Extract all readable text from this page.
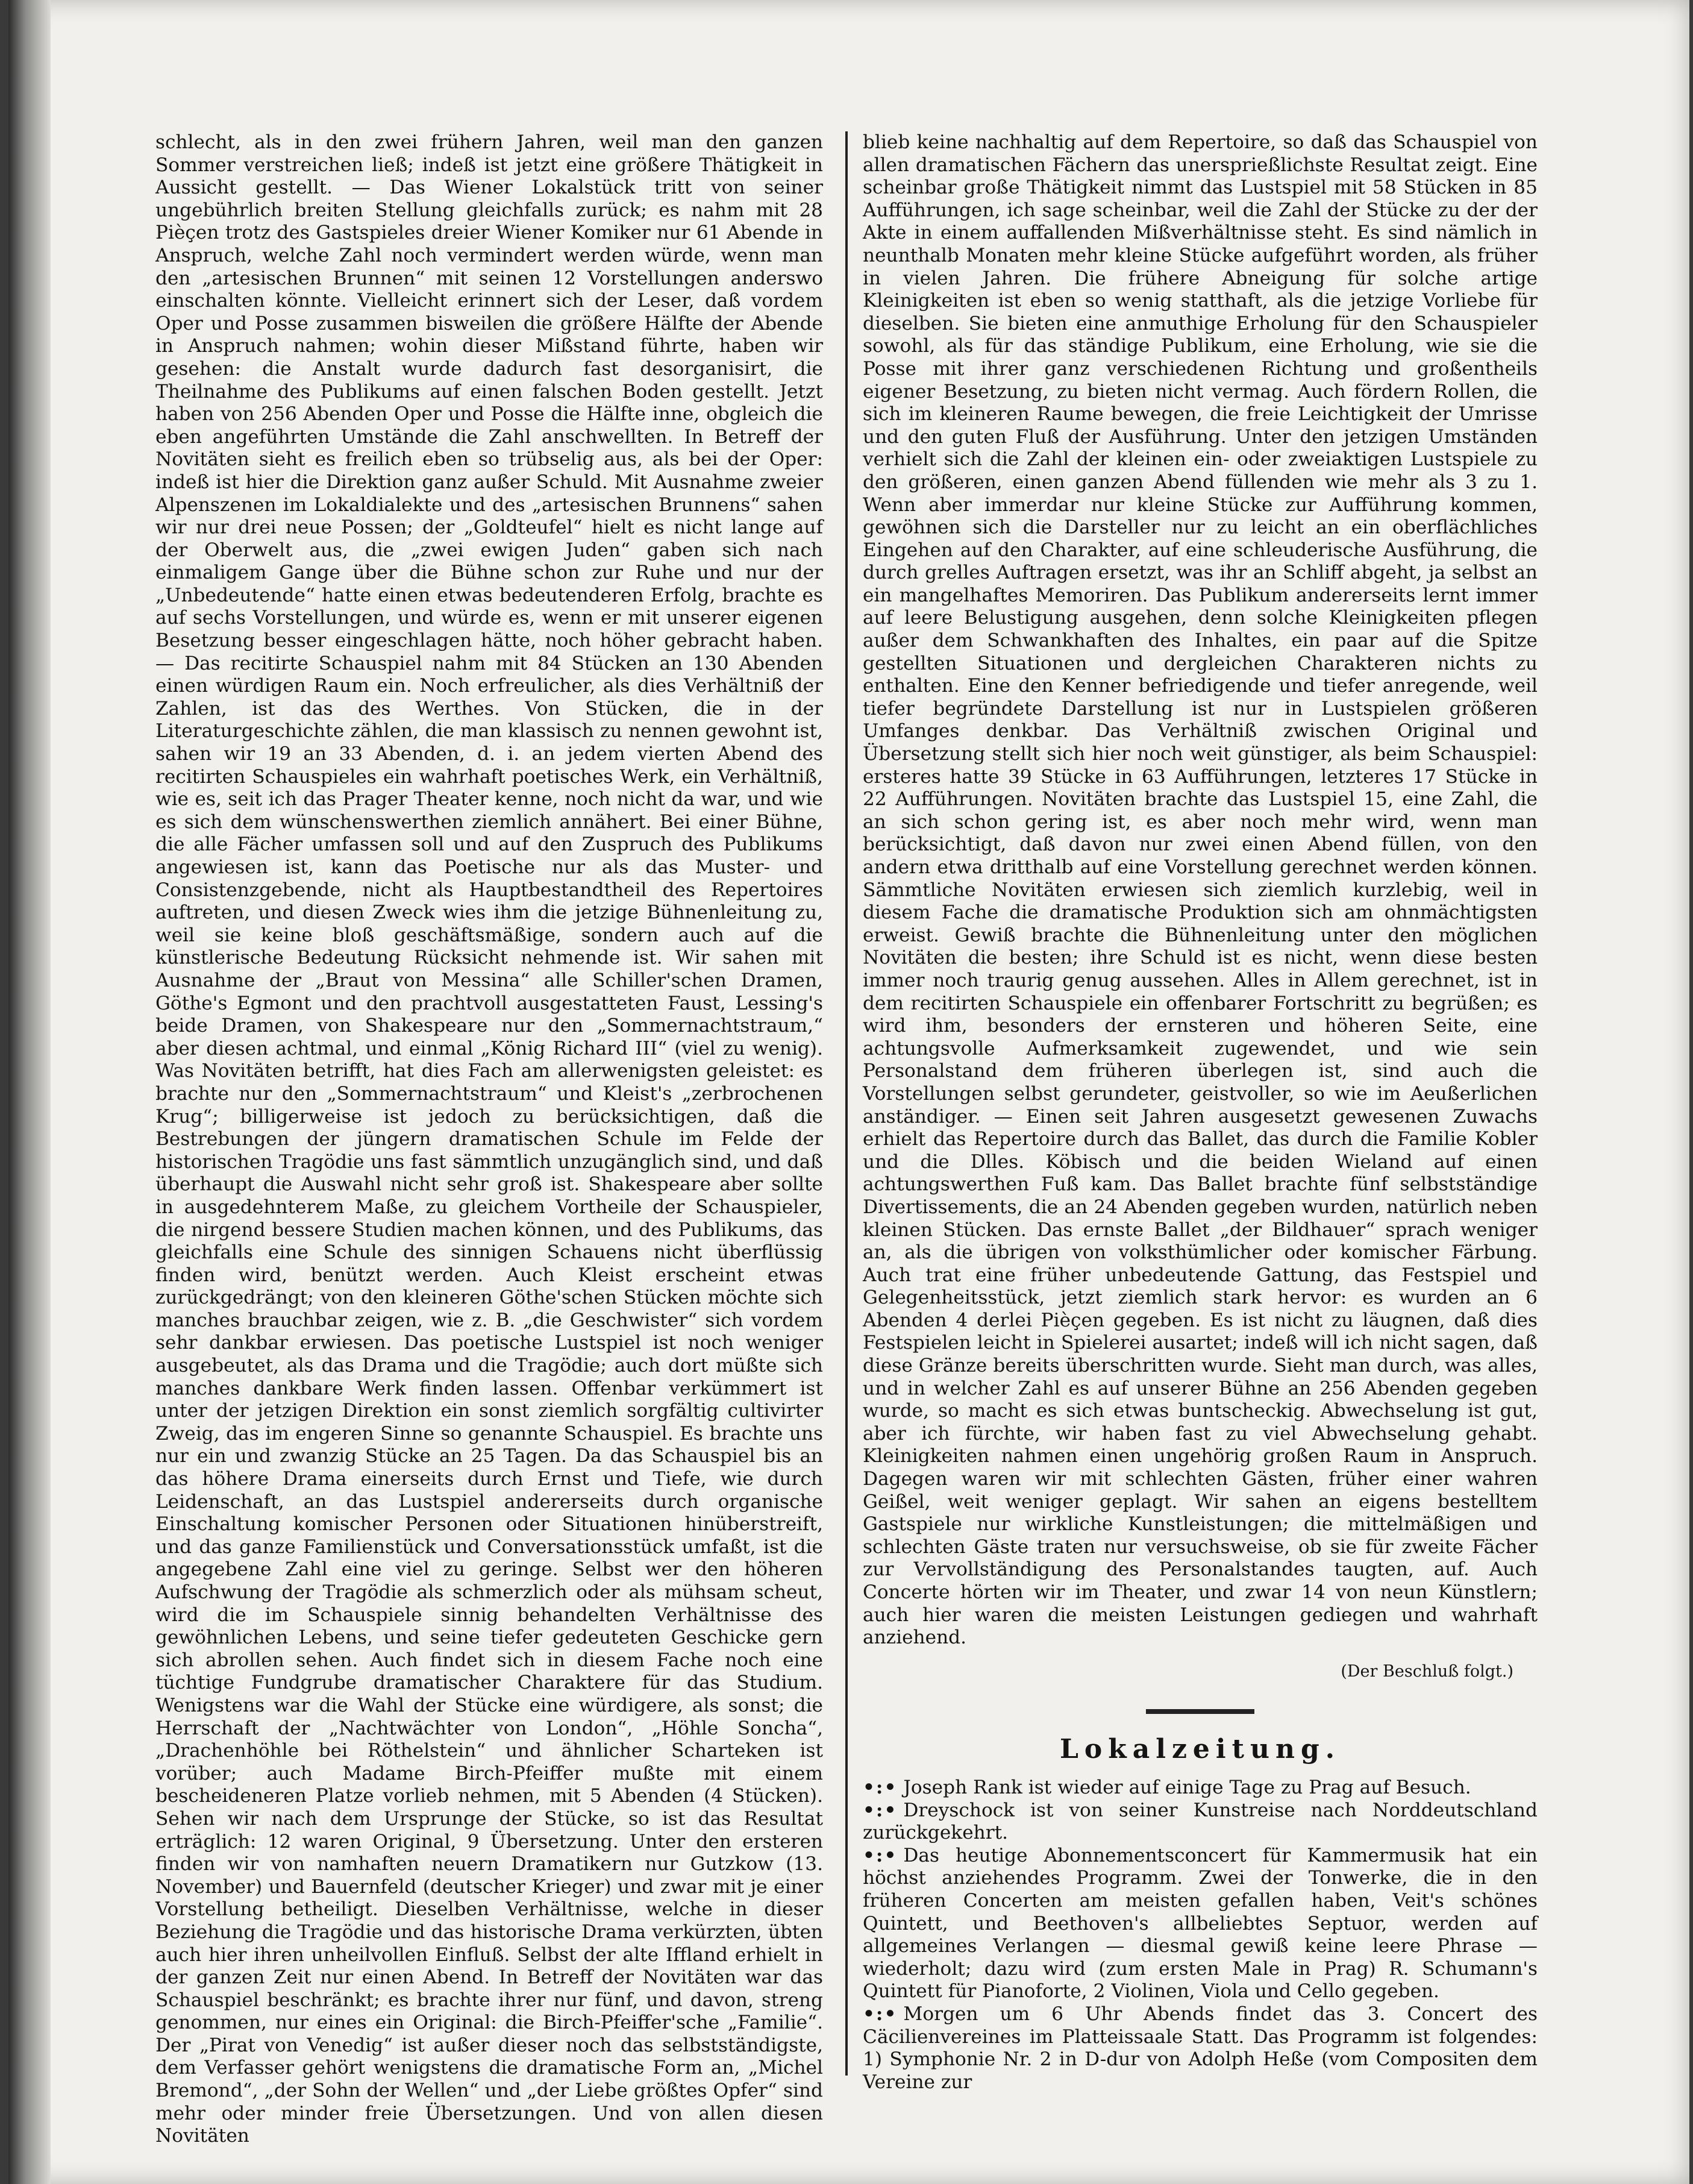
schlecht, als in den zwei frühern Jahren, weil man den ganzen Sommer verstreichen ließ; indeß ist jetzt eine größere Thätigkeit in Aussicht gestellt. — Das Wiener Lokalstück tritt von seiner ungebührlich breiten Stellung gleichfalls zurück; es nahm mit 28 Pièçen trotz des Gastspieles dreier Wiener Komiker nur 61 Abende in Anspruch, welche Zahl noch vermindert werden würde, wenn man den „artesischen Brunnen“ mit seinen 12 Vorstellungen anderswo einschalten könnte. Vielleicht erinnert sich der Leser, daß vordem Oper und Posse zusammen bisweilen die größere Hälfte der Abende in Anspruch nahmen; wohin dieser Mißstand führte, haben wir gesehen: die Anstalt wurde dadurch fast desorganisirt, die Theilnahme des Publikums auf einen falschen Boden gestellt. Jetzt haben von 256 Abenden Oper und Posse die Hälfte inne, obgleich die eben angeführten Umstände die Zahl anschwellten. In Betreff der Novitäten sieht es freilich eben so trübselig aus, als bei der Oper: indeß ist hier die Direktion ganz außer Schuld. Mit Ausnahme zweier Alpenszenen im Lokaldialekte und des „artesischen Brunnens“ sahen wir nur drei neue Possen; der „Goldteufel“ hielt es nicht lange auf der Oberwelt aus, die „zwei ewigen Juden“ gaben sich nach einmaligem Gange über die Bühne schon zur Ruhe und nur der „Unbedeutende“ hatte einen etwas bedeutenderen Erfolg, brachte es auf sechs Vorstellungen, und würde es, wenn er mit unserer eigenen Besetzung besser eingeschlagen hätte, noch höher gebracht haben. — Das recitirte Schauspiel nahm mit 84 Stücken an 130 Abenden einen würdigen Raum ein. Noch erfreulicher, als dies Verhältniß der Zahlen, ist das des Werthes. Von Stücken, die in der Literaturgeschichte zählen, die man klassisch zu nennen gewohnt ist, sahen wir 19 an 33 Abenden, d. i. an jedem vierten Abend des recitirten Schauspieles ein wahrhaft poetisches Werk, ein Verhältniß, wie es, seit ich das Prager Theater kenne, noch nicht da war, und wie es sich dem wünschenswerthen ziemlich annähert. Bei einer Bühne, die alle Fächer umfassen soll und auf den Zuspruch des Publikums angewiesen ist, kann das Poetische nur als das Muster- und Consistenzgebende, nicht als Hauptbestandtheil des Repertoires auftreten, und diesen Zweck wies ihm die jetzige Bühnenleitung zu, weil sie keine bloß geschäftsmäßige, sondern auch auf die künstlerische Bedeutung Rücksicht nehmende ist. Wir sahen mit Ausnahme der „Braut von Messina“ alle Schiller'schen Dramen, Göthe's Egmont und den prachtvoll ausgestatteten Faust, Lessing's beide Dramen, von Shakespeare nur den „Sommernachtstraum,“ aber diesen achtmal, und einmal „König Richard III“ (viel zu wenig). Was Novitäten betrifft, hat dies Fach am allerwenigsten geleistet: es brachte nur den „Sommernachtstraum“ und Kleist's „zerbrochenen Krug“; billigerweise ist jedoch zu berücksichtigen, daß die Bestrebungen der jüngern dramatischen Schule im Felde der historischen Tragödie uns fast sämmtlich unzugänglich sind, und daß überhaupt die Auswahl nicht sehr groß ist. Shakespeare aber sollte in ausgedehnterem Maße, zu gleichem Vortheile der Schauspieler, die nirgend bessere Studien machen können, und des Publikums, das gleichfalls eine Schule des sinnigen Schauens nicht überflüssig finden wird, benützt werden. Auch Kleist erscheint etwas zurückgedrängt; von den kleineren Göthe'schen Stücken möchte sich manches brauchbar zeigen, wie z. B. „die Geschwister“ sich vordem sehr dankbar erwiesen. Das poetische Lustspiel ist noch weniger ausgebeutet, als das Drama und die Tragödie; auch dort müßte sich manches dankbare Werk finden lassen. Offenbar verkümmert ist unter der jetzigen Direktion ein sonst ziemlich sorgfältig cultivirter Zweig, das im engeren Sinne so genannte Schauspiel. Es brachte uns nur ein und zwanzig Stücke an 25 Tagen. Da das Schauspiel bis an das höhere Drama einerseits durch Ernst und Tiefe, wie durch Leidenschaft, an das Lustspiel andererseits durch organische Einschaltung komischer Personen oder Situationen hinüberstreift, und das ganze Familienstück und Conversationsstück umfaßt, ist die angegebene Zahl eine viel zu geringe. Selbst wer den höheren Aufschwung der Tragödie als schmerzlich oder als mühsam scheut, wird die im Schauspiele sinnig behandelten Verhältnisse des gewöhnlichen Lebens, und seine tiefer gedeuteten Geschicke gern sich abrollen sehen. Auch findet sich in diesem Fache noch eine tüchtige Fundgrube dramatischer Charaktere für das Studium. Wenigstens war die Wahl der Stücke eine würdigere, als sonst; die Herrschaft der „Nachtwächter von London“, „Höhle Soncha“, „Drachenhöhle bei Röthelstein“ und ähnlicher Scharteken ist vorüber; auch Madame Birch-Pfeiffer mußte mit einem bescheideneren Platze vorlieb nehmen, mit 5 Abenden (4 Stücken). Sehen wir nach dem Ursprunge der Stücke, so ist das Resultat erträglich: 12 waren Original, 9 Übersetzung. Unter den ersteren finden wir von namhaften neuern Dramatikern nur Gutzkow (13. November) und Bauernfeld (deutscher Krieger) und zwar mit je einer Vorstellung betheiligt. Dieselben Verhältnisse, welche in dieser Beziehung die Tragödie und das historische Drama verkürzten, übten auch hier ihren unheilvollen Einfluß. Selbst der alte Iffland erhielt in der ganzen Zeit nur einen Abend. In Betreff der Novitäten war das Schauspiel beschränkt; es brachte ihrer nur fünf, und davon, streng genommen, nur eines ein Original: die Birch-Pfeiffer'sche „Familie“. Der „Pirat von Venedig“ ist außer dieser noch das selbstständigste, dem Verfasser gehört wenigstens die dramatische Form an, „Michel Bremond“, „der Sohn der Wellen“ und „der Liebe größtes Opfer“ sind mehr oder minder freie Übersetzungen. Und von allen diesen Novitäten

blieb keine nachhaltig auf dem Repertoire, so daß das Schauspiel von allen dramatischen Fächern das unersprießlichste Resultat zeigt. Eine scheinbar große Thätigkeit nimmt das Lustspiel mit 58 Stücken in 85 Aufführungen, ich sage scheinbar, weil die Zahl der Stücke zu der der Akte in einem auffallenden Mißverhältnisse steht. Es sind nämlich in neunthalb Monaten mehr kleine Stücke aufgeführt worden, als früher in vielen Jahren. Die frühere Abneigung für solche artige Kleinigkeiten ist eben so wenig statthaft, als die jetzige Vorliebe für dieselben. Sie bieten eine anmuthige Erholung für den Schauspieler sowohl, als für das ständige Publikum, eine Erholung, wie sie die Posse mit ihrer ganz verschiedenen Richtung und großentheils eigener Besetzung, zu bieten nicht vermag. Auch fördern Rollen, die sich im kleineren Raume bewegen, die freie Leichtigkeit der Umrisse und den guten Fluß der Ausführung. Unter den jetzigen Umständen verhielt sich die Zahl der kleinen ein- oder zweiaktigen Lustspiele zu den größeren, einen ganzen Abend füllenden wie mehr als 3 zu 1. Wenn aber immerdar nur kleine Stücke zur Aufführung kommen, gewöhnen sich die Darsteller nur zu leicht an ein oberflächliches Eingehen auf den Charakter, auf eine schleuderische Ausführung, die durch grelles Auftragen ersetzt, was ihr an Schliff abgeht, ja selbst an ein mangelhaftes Memoriren. Das Publikum andererseits lernt immer auf leere Belustigung ausgehen, denn solche Kleinigkeiten pflegen außer dem Schwankhaften des Inhaltes, ein paar auf die Spitze gestellten Situationen und dergleichen Charakteren nichts zu enthalten. Eine den Kenner befriedigende und tiefer anregende, weil tiefer begründete Darstellung ist nur in Lustspielen größeren Umfanges denkbar. Das Verhältniß zwischen Original und Übersetzung stellt sich hier noch weit günstiger, als beim Schauspiel: ersteres hatte 39 Stücke in 63 Aufführungen, letzteres 17 Stücke in 22 Aufführungen. Novitäten brachte das Lustspiel 15, eine Zahl, die an sich schon gering ist, es aber noch mehr wird, wenn man berücksichtigt, daß davon nur zwei einen Abend füllen, von den andern etwa dritthalb auf eine Vorstellung gerechnet werden können. Sämmtliche Novitäten erwiesen sich ziemlich kurzlebig, weil in diesem Fache die dramatische Produktion sich am ohnmächtigsten erweist. Gewiß brachte die Bühnenleitung unter den möglichen Novitäten die besten; ihre Schuld ist es nicht, wenn diese besten immer noch traurig genug aussehen. Alles in Allem gerechnet, ist in dem recitirten Schauspiele ein offenbarer Fortschritt zu begrüßen; es wird ihm, besonders der ernsteren und höheren Seite, eine achtungsvolle Aufmerksamkeit zugewendet, und wie sein Personalstand dem früheren überlegen ist, sind auch die Vorstellungen selbst gerundeter, geistvoller, so wie im Aeußerlichen anständiger. — Einen seit Jahren ausgesetzt gewesenen Zuwachs erhielt das Repertoire durch das Ballet, das durch die Familie Kobler und die Dlles. Köbisch und die beiden Wieland auf einen achtungswerthen Fuß kam. Das Ballet brachte fünf selbstständige Divertissements, die an 24 Abenden gegeben wurden, natürlich neben kleinen Stücken. Das ernste Ballet „der Bildhauer“ sprach weniger an, als die übrigen von volksthümlicher oder komischer Färbung. Auch trat eine früher unbedeutende Gattung, das Festspiel und Gelegenheitsstück, jetzt ziemlich stark hervor: es wurden an 6 Abenden 4 derlei Pièçen gegeben. Es ist nicht zu läugnen, daß dies Festspielen leicht in Spielerei ausartet; indeß will ich nicht sagen, daß diese Gränze bereits überschritten wurde. Sieht man durch, was alles, und in welcher Zahl es auf unserer Bühne an 256 Abenden gegeben wurde, so macht es sich etwas buntscheckig. Abwechselung ist gut, aber ich fürchte, wir haben fast zu viel Abwechselung gehabt. Kleinigkeiten nahmen einen ungehörig großen Raum in Anspruch. Dagegen waren wir mit schlechten Gästen, früher einer wahren Geißel, weit weniger geplagt. Wir sahen an eigens bestelltem Gastspiele nur wirkliche Kunstleistungen; die mittelmäßigen und schlechten Gäste traten nur versuchsweise, ob sie für zweite Fächer zur Vervollständigung des Personalstandes taugten, auf. Auch Concerte hörten wir im Theater, und zwar 14 von neun Künstlern; auch hier waren die meisten Leistungen gediegen und wahrhaft anziehend.

(Der Beschluß folgt.)

Lokalzeitung.

•:• Joseph Rank ist wieder auf einige Tage zu Prag auf Besuch.

•:• Dreyschock ist von seiner Kunstreise nach Norddeutschland zurückgekehrt.

•:• Das heutige Abonnementsconcert für Kammermusik hat ein höchst anziehendes Programm. Zwei der Tonwerke, die in den früheren Concerten am meisten gefallen haben, Veit's schönes Quintett, und Beethoven's allbeliebtes Septuor, werden auf allgemeines Verlangen — diesmal gewiß keine leere Phrase — wiederholt; dazu wird (zum ersten Male in Prag) R. Schumann's Quintett für Pianoforte, 2 Violinen, Viola und Cello gegeben.

•:• Morgen um 6 Uhr Abends findet das 3. Concert des Cäcilienvereines im Platteissaale Statt. Das Programm ist folgendes: 1) Symphonie Nr. 2 in D-dur von Adolph Heße (vom Compositen dem Vereine zur
